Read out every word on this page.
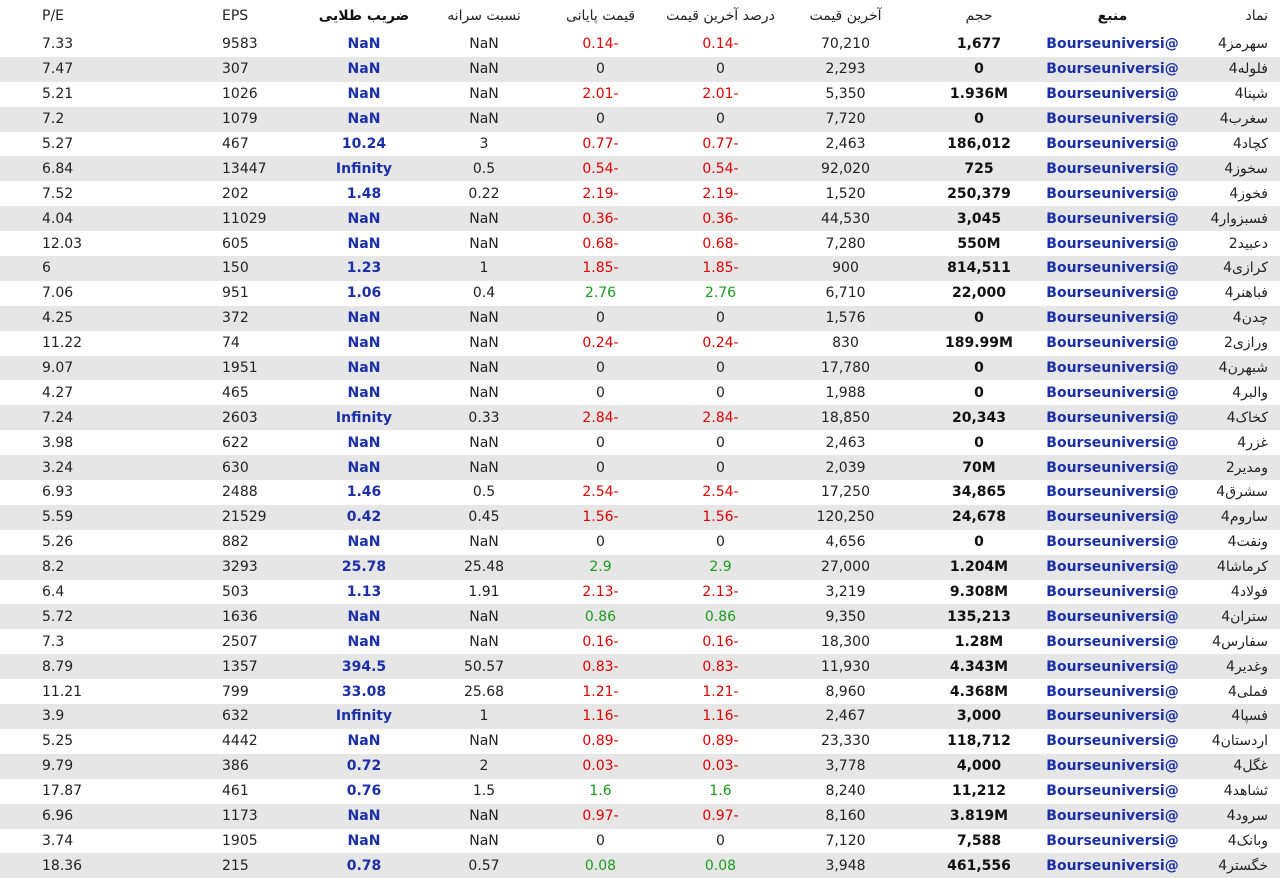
نماد	منبع	حجم	آخرین قیمت	درصد آخرین قیمت	قیمت پایانی	نسبت سرانه	ضریب طلایی	EPS	P/E
سهرمز4	@Bourseuniversi	1,677	70,210	-0.14	-0.14	NaN	NaN	9583	7.33
فلوله4	@Bourseuniversi	0	2,293	0	0	NaN	NaN	307	7.47
شپنا4	@Bourseuniversi	1.936M	5,350	-2.01	-2.01	NaN	NaN	1026	5.21
سغرب4	@Bourseuniversi	0	7,720	0	0	NaN	NaN	1079	7.2
کچاد4	@Bourseuniversi	186,012	2,463	-0.77	-0.77	3	10.24	467	5.27
سخوز4	@Bourseuniversi	725	92,020	-0.54	-0.54	0.5	Infinity	13447	6.84
فخوز4	@Bourseuniversi	250,379	1,520	-2.19	-2.19	0.22	1.48	202	7.52
فسبزوار4	@Bourseuniversi	3,045	44,530	-0.36	-0.36	NaN	NaN	11029	4.04
دعبید2	@Bourseuniversi	550M	7,280	-0.68	-0.68	NaN	NaN	605	12.03
کرازی4	@Bourseuniversi	814,511	900	-1.85	-1.85	1	1.23	150	6
فباهنر4	@Bourseuniversi	22,000	6,710	2.76	2.76	0.4	1.06	951	7.06
چدن4	@Bourseuniversi	0	1,576	0	0	NaN	NaN	372	4.25
ورازی2	@Bourseuniversi	189.99M	830	-0.24	-0.24	NaN	NaN	74	11.22
شبهرن4	@Bourseuniversi	0	17,780	0	0	NaN	NaN	1951	9.07
والبر4	@Bourseuniversi	0	1,988	0	0	NaN	NaN	465	4.27
کخاک4	@Bourseuniversi	20,343	18,850	-2.84	-2.84	0.33	Infinity	2603	7.24
غزر4	@Bourseuniversi	0	2,463	0	0	NaN	NaN	622	3.98
ومدیر2	@Bourseuniversi	70M	2,039	0	0	NaN	NaN	630	3.24
سشرق4	@Bourseuniversi	34,865	17,250	-2.54	-2.54	0.5	1.46	2488	6.93
ساروم4	@Bourseuniversi	24,678	120,250	-1.56	-1.56	0.45	0.42	21529	5.59
ونفت4	@Bourseuniversi	0	4,656	0	0	NaN	NaN	882	5.26
کرماشا4	@Bourseuniversi	1.204M	27,000	2.9	2.9	25.48	25.78	3293	8.2
فولاد4	@Bourseuniversi	9.308M	3,219	-2.13	-2.13	1.91	1.13	503	6.4
ستران4	@Bourseuniversi	135,213	9,350	0.86	0.86	NaN	NaN	1636	5.72
سفارس4	@Bourseuniversi	1.28M	18,300	-0.16	-0.16	NaN	NaN	2507	7.3
وغدیر4	@Bourseuniversi	4.343M	11,930	-0.83	-0.83	50.57	394.5	1357	8.79
فملی4	@Bourseuniversi	4.368M	8,960	-1.21	-1.21	25.68	33.08	799	11.21
فسپا4	@Bourseuniversi	3,000	2,467	-1.16	-1.16	1	Infinity	632	3.9
اردستان4	@Bourseuniversi	118,712	23,330	-0.89	-0.89	NaN	NaN	4442	5.25
غگل4	@Bourseuniversi	4,000	3,778	-0.03	-0.03	2	0.72	386	9.79
ثشاهد4	@Bourseuniversi	11,212	8,240	1.6	1.6	1.5	0.76	461	17.87
سرود4	@Bourseuniversi	3.819M	8,160	-0.97	-0.97	NaN	NaN	1173	6.96
وبانک4	@Bourseuniversi	7,588	7,120	0	0	NaN	NaN	1905	3.74
خگستر4	@Bourseuniversi	461,556	3,948	0.08	0.08	0.57	0.78	215	18.36
